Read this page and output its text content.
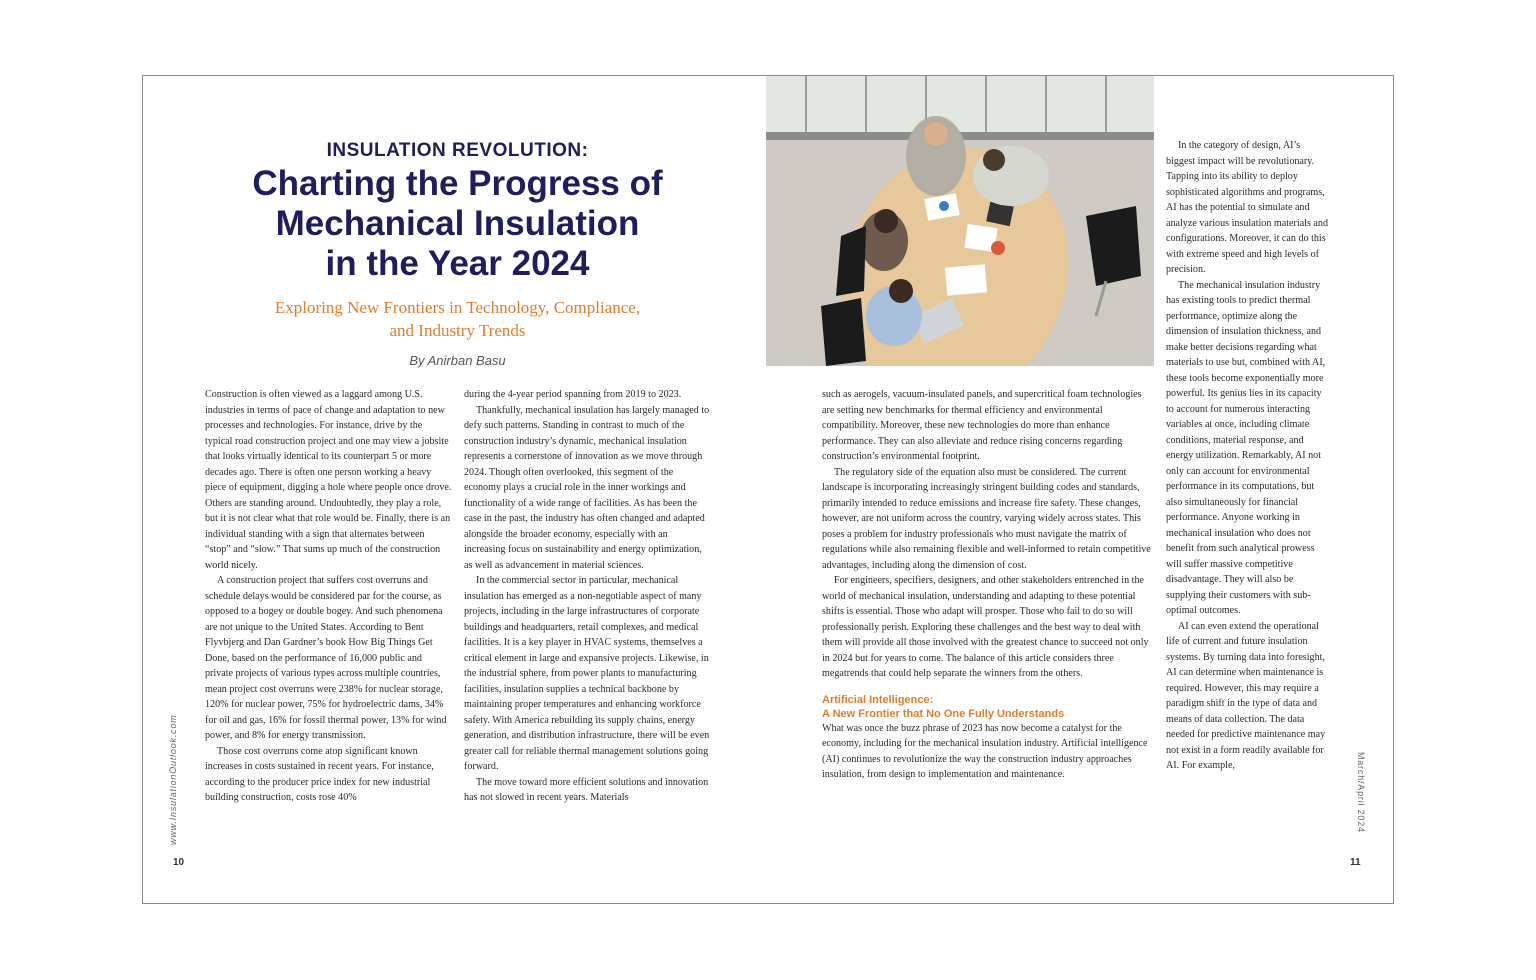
INSULATION REVOLUTION:
Charting the Progress of
Mechanical Insulation
in the Year 2024
Exploring New Frontiers in Technology, Compliance,
and Industry Trends
By Anirban Basu

Construction is often viewed as a laggard among U.S. industries in terms of pace of change and adaptation to new processes and technologies. For instance, drive by the typical road construction project and one may view a jobsite that looks virtually identical to its counterpart 5 or more decades ago. There is often one person working a heavy piece of equipment, digging a hole where people once drove. Others are standing around. Undoubtedly, they play a role, but it is not clear what that role would be. Finally, there is an individual standing with a sign that alternates between “stop” and “slow.” That sums up much of the construction world nicely.

A construction project that suffers cost overruns and schedule delays would be considered par for the course, as opposed to a bogey or double bogey. And such phenomena are not unique to the United States. According to Bent Flyvbjerg and Dan Gardner’s book How Big Things Get Done, based on the performance of 16,000 public and private projects of various types across multiple countries, mean project cost overruns were 238% for nuclear storage, 120% for nuclear power, 75% for hydroelectric dams, 34% for oil and gas, 16% for fossil thermal power, 13% for wind power, and 8% for energy transmission.

Those cost overruns come atop significant known increases in costs sustained in recent years. For instance, according to the producer price index for new industrial building construction, costs rose 40%

during the 4-year period spanning from 2019 to 2023.

Thankfully, mechanical insulation has largely managed to defy such patterns. Standing in contrast to much of the construction industry’s dynamic, mechanical insulation represents a cornerstone of innovation as we move through 2024. Though often overlooked, this segment of the economy plays a crucial role in the inner workings and functionality of a wide range of facilities. As has been the case in the past, the industry has often changed and adapted alongside the broader economy, especially with an increasing focus on sustainability and energy optimization, as well as advancement in material sciences.

In the commercial sector in particular, mechanical insulation has emerged as a non-negotiable aspect of many projects, including in the large infrastructures of corporate buildings and headquarters, retail complexes, and medical facilities. It is a key player in HVAC systems, themselves a critical element in large and expansive projects. Likewise, in the industrial sphere, from power plants to manufacturing facilities, insulation supplies a technical backbone by maintaining proper temperatures and enhancing workforce safety. With America rebuilding its supply chains, energy generation, and distribution infrastructure, there will be even greater call for reliable thermal management solutions going forward.

The move toward more efficient solutions and innovation has not slowed in recent years. Materials

such as aerogels, vacuum-insulated panels, and supercritical foam technologies are setting new benchmarks for thermal efficiency and environmental compatibility. Moreover, these new technologies do more than enhance performance. They can also alleviate and reduce rising concerns regarding construction’s environmental footprint.

The regulatory side of the equation also must be considered. The current landscape is incorporating increasingly stringent building codes and standards, primarily intended to reduce emissions and increase fire safety. These changes, however, are not uniform across the country, varying widely across states. This poses a problem for industry professionals who must navigate the matrix of regulations while also remaining flexible and well-informed to retain competitive advantages, including along the dimension of cost.

For engineers, specifiers, designers, and other stakeholders entrenched in the world of mechanical insulation, understanding and adapting to these potential shifts is essential. Those who adapt will prosper. Those who fail to do so will professionally perish. Exploring these challenges and the best way to deal with them will provide all those involved with the greatest chance to succeed not only in 2024 but for years to come. The balance of this article considers three megatrends that could help separate the winners from the others.

Artificial Intelligence:
A New Frontier that No One Fully Understands

What was once the buzz phrase of 2023 has now become a catalyst for the economy, including for the mechanical insulation industry. Artificial intelligence (AI) continues to revolutionize the way the construction industry approaches insulation, from design to implementation and maintenance.

In the category of design, AI’s biggest impact will be revolutionary. Tapping into its ability to deploy sophisticated algorithms and programs, AI has the potential to simulate and analyze various insulation materials and configurations. Moreover, it can do this with extreme speed and high levels of precision.

The mechanical insulation industry has existing tools to predict thermal performance, optimize along the dimension of insulation thickness, and make better decisions regarding what materials to use but, combined with AI, these tools become exponentially more powerful. Its genius lies in its capacity to account for numerous interacting variables at once, including climate conditions, material response, and energy utilization. Remarkably, AI not only can account for environmental performance in its computations, but also simultaneously for financial performance. Anyone working in mechanical insulation who does not benefit from such analytical prowess will suffer massive competitive disadvantage. They will also be supplying their customers with sub-optimal outcomes.

AI can even extend the operational life of current and future insulation systems. By turning data into foresight, AI can determine when maintenance is required. However, this may require a paradigm shift in the type of data and means of data collection. The data needed for predictive maintenance may not exist in a form readily available for AI. For example,

www.InsulationOutlook.com	March/April 2024
10	11
